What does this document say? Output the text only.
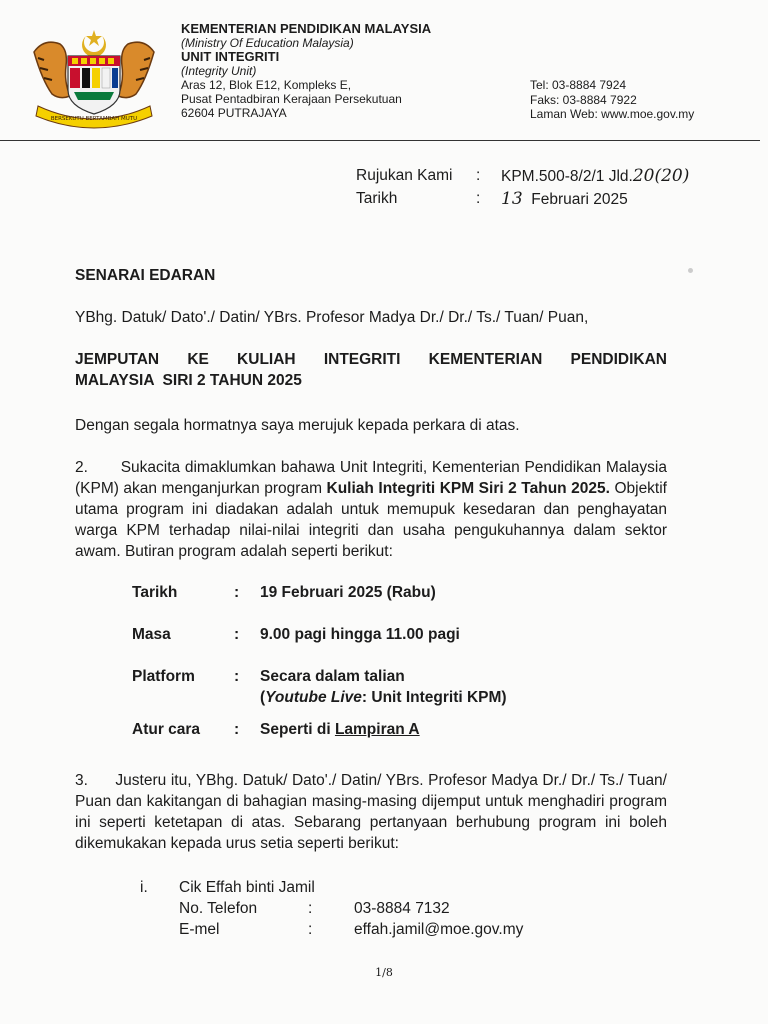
BERSEKUTU BERTAMBAH MUTU
KEMENTERIAN PENDIDIKAN MALAYSIA
(Ministry Of Education Malaysia)
UNIT INTEGRITI
(Integrity Unit)
Aras 12, Blok E12, Kompleks E,
Pusat Pentadbiran Kerajaan Persekutuan
62604 PUTRAJAYA
Tel: 03-8884 7924
Faks: 03-8884 7922
Laman Web: www.moe.gov.my
Rujukan Kami	:	KPM.500-8/2/1 Jld.20(20)
Tarikh	:	13 Februari 2025

SENARAI EDARAN

YBhg. Datuk/ Dato'./ Datin/ YBrs. Profesor Madya Dr./ Dr./ Ts./ Tuan/ Puan,

JEMPUTAN KE KULIAH INTEGRITI KEMENTERIAN PENDIDIKAN

MALAYSIA  SIRI 2 TAHUN 2025

Dengan segala hormatnya saya merujuk kepada perkara di atas.

2. Sukacita dimaklumkan bahawa Unit Integriti, Kementerian Pendidikan Malaysia (KPM) akan menganjurkan program Kuliah Integriti KPM Siri 2 Tahun 2025. Objektif utama program ini diadakan adalah untuk memupuk kesedaran dan penghayatan warga KPM terhadap nilai-nilai integriti dan usaha pengukuhannya dalam sektor awam. Butiran program adalah seperti berikut:

Tarikh	: 19 Februari 2025 (Rabu)
Masa	: 9.00 pagi hingga 11.00 pagi
Platform	: Secara dalam talian
(Youtube Live: Unit Integriti KPM)
Atur cara : Seperti di Lampiran A

3. Justeru itu, YBhg. Datuk/ Dato'./ Datin/ YBrs. Profesor Madya Dr./ Dr./ Ts./ Tuan/ Puan dan kakitangan di bahagian masing-masing dijemput untuk menghadiri program ini seperti ketetapan di atas. Sebarang pertanyaan berhubung program ini boleh dikemukakan kepada urus setia seperti berikut:

i. Cik Effah binti Jamil
No. Telefon	:	03-8884 7132
E-mel	:	effah.jamil@moe.gov.my
1/8
